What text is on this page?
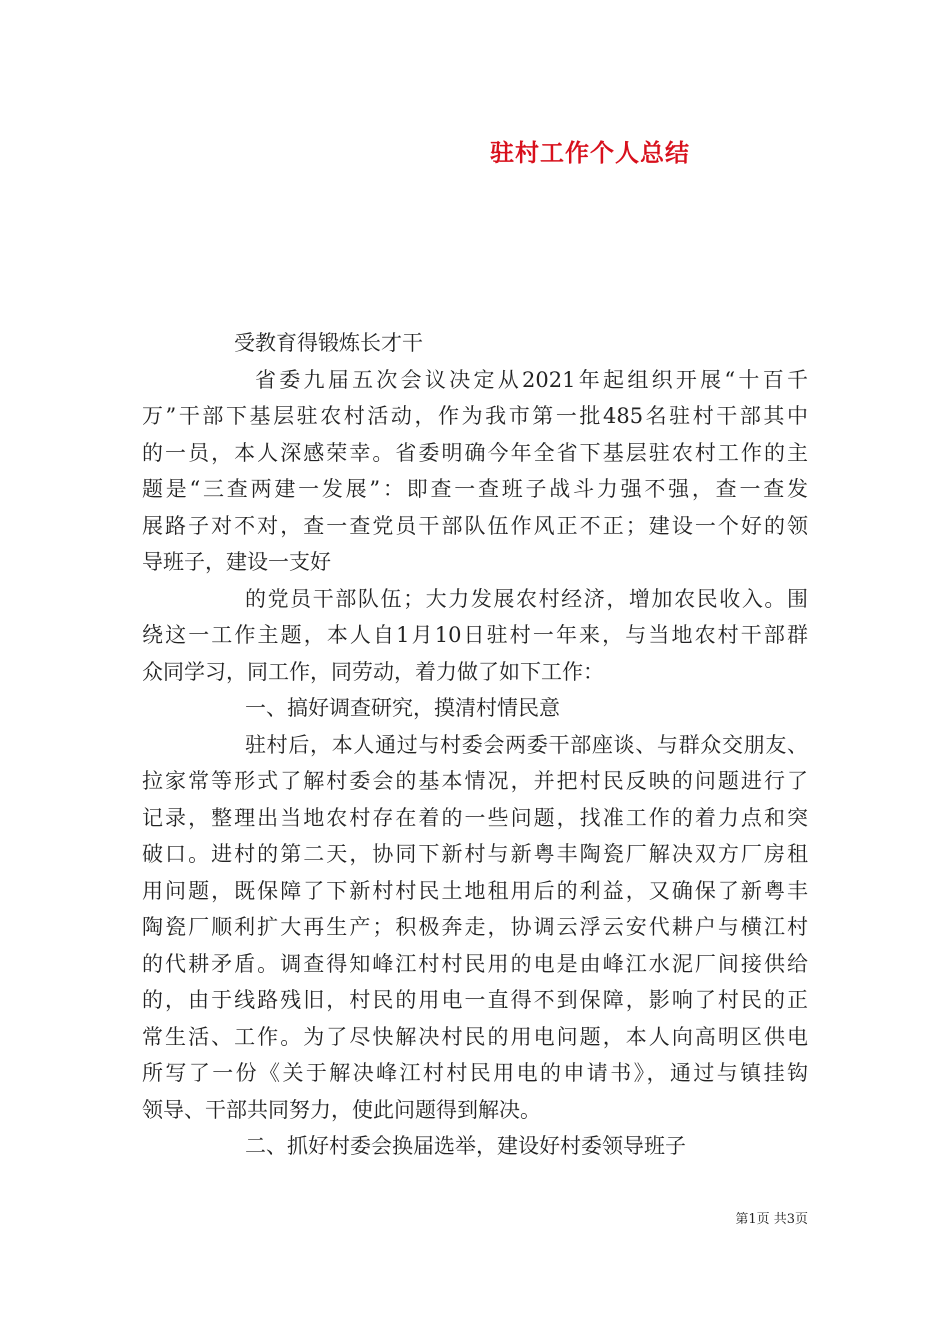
驻村工作个人总结
受教育得锻炼长才干
省委九届五次会议决定从2021年起组织开展“十百千
万”干部下基层驻农村活动，作为我市第一批485名驻村干部其中
的一员，本人深感荣幸。省委明确今年全省下基层驻农村工作的主
题是“三查两建一发展”：即查一查班子战斗力强不强，查一查发
展路子对不对，查一查党员干部队伍作风正不正；建设一个好的领
导班子，建设一支好
的党员干部队伍；大力发展农村经济，增加农民收入。围
绕这一工作主题，本人自1月10日驻村一年来，与当地农村干部群
众同学习，同工作，同劳动，着力做了如下工作：
一、搞好调查研究，摸清村情民意
驻村后，本人通过与村委会两委干部座谈、与群众交朋友、
拉家常等形式了解村委会的基本情况，并把村民反映的问题进行了
记录，整理出当地农村存在着的一些问题，找准工作的着力点和突
破口。进村的第二天，协同下新村与新粤丰陶瓷厂解决双方厂房租
用问题，既保障了下新村村民土地租用后的利益，又确保了新粤丰
陶瓷厂顺利扩大再生产；积极奔走，协调云浮云安代耕户与横江村
的代耕矛盾。调查得知峰江村村民用的电是由峰江水泥厂间接供给
的，由于线路残旧，村民的用电一直得不到保障，影响了村民的正
常生活、工作。为了尽快解决村民的用电问题，本人向高明区供电
所写了一份《关于解决峰江村村民用电的申请书》，通过与镇挂钩
领导、干部共同努力，使此问题得到解决。
二、抓好村委会换届选举，建设好村委领导班子
第1页 共3页
